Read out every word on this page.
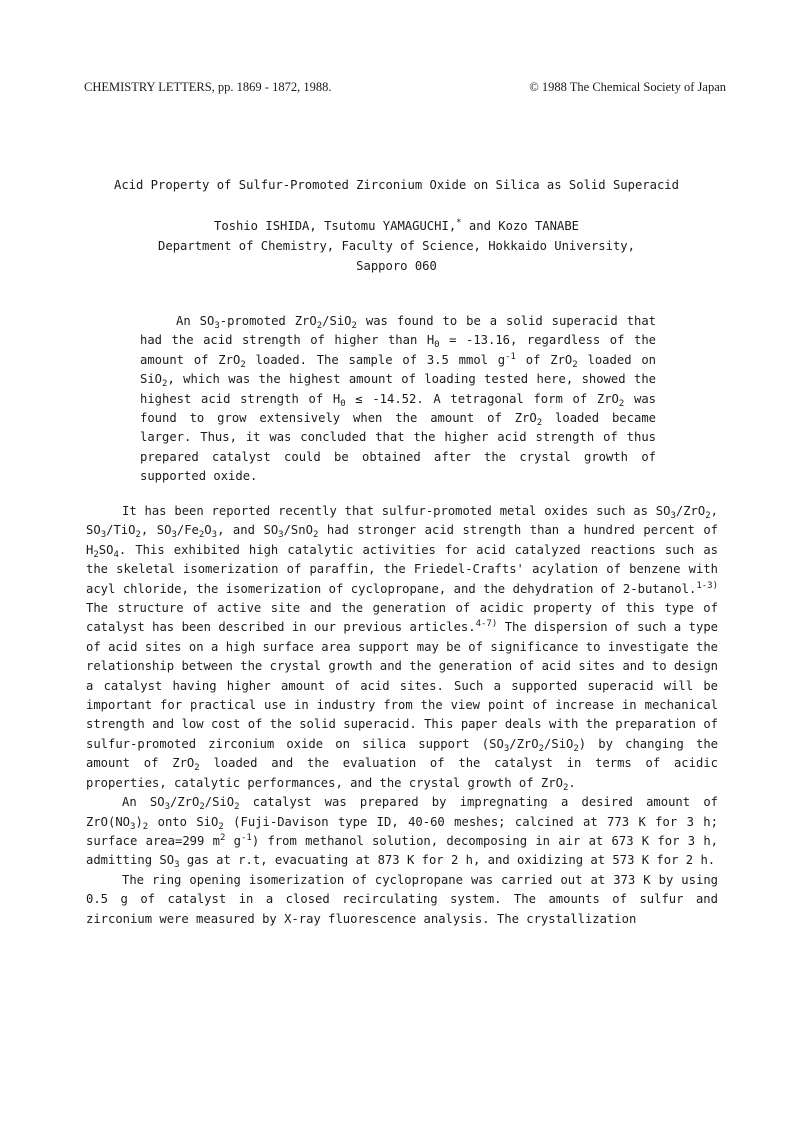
CHEMISTRY LETTERS, pp. 1869 - 1872, 1988.	© 1988 The Chemical Society of Japan
Acid Property of Sulfur-Promoted Zirconium Oxide on Silica as Solid Superacid
Toshio ISHIDA, Tsutomu YAMAGUCHI,* and Kozo TANABE
Department of Chemistry, Faculty of Science, Hokkaido University,
Sapporo 060

An $SO_3$-promoted ZrO$_2$/SiO$_2$ was found to be a solid superacid that had the acid strength of higher than $H_0 = -13.16$, regardless of the amount of ZrO$_2$ loaded. The sample of 3.5 mmol $g^{-1}$ of ZrO$_2$ loaded on SiO$_2$, which was the highest amount of loading tested here, showed the highest acid strength of $H_0 \le -14.52$. A tetragonal form of ZrO$_2$ was found to grow extensively when the amount of ZrO$_2$ loaded became larger. Thus, it was concluded that the higher acid strength of thus prepared catalyst could be obtained after the crystal growth of supported oxide.

It has been reported recently that sulfur-promoted metal oxides such as $SO_3/ZrO_2$, $SO_3/TiO_2$, $SO_3/Fe_2O_3$, and $SO_3/SnO_2$ had stronger acid strength than a hundred percent of $H_2SO_4$. This exhibited high catalytic activities for acid catalyzed reactions such as the skeletal isomerization of paraffin, the Friedel-Crafts' acylation of benzene with acyl chloride, the isomerization of cyclopropane, and the dehydration of 2-butanol.$^{1-3)}$ The structure of active site and the generation of acidic property of this type of catalyst has been described in our previous articles.$^{4-7)}$ The dispersion of such a type of acid sites on a high surface area support may be of significance to investigate the relationship between the crystal growth and the generation of acid sites and to design a catalyst having higher amount of acid sites. Such a supported superacid will be important for practical use in industry from the view point of increase in mechanical strength and low cost of the solid superacid. This paper deals with the preparation of sulfur-promoted zirconium oxide on silica support $(SO_3/ZrO_2/SiO_2)$ by changing the amount of ZrO$_2$ loaded and the evaluation of the catalyst in terms of acidic properties, catalytic performances, and the crystal growth of ZrO$_2$.

An $SO_3/ZrO_2/SiO_2$ catalyst was prepared by impregnating a desired amount of $ZrO(NO_3)_2$ onto SiO$_2$ (Fuji-Davison type ID, 40-60 meshes; calcined at 773 K for 3 h; surface area=299 $m^2$ $g^{-1}$) from methanol solution, decomposing in air at 673 K for 3 h, admitting $SO_3$ gas at r.t, evacuating at 873 K for 2 h, and oxidizing at 573 K for 2 h.

The ring opening isomerization of cyclopropane was carried out at 373 K by using 0.5 g of catalyst in a closed recirculating system. The amounts of sulfur and zirconium were measured by X-ray fluorescence analysis. The crystallization
